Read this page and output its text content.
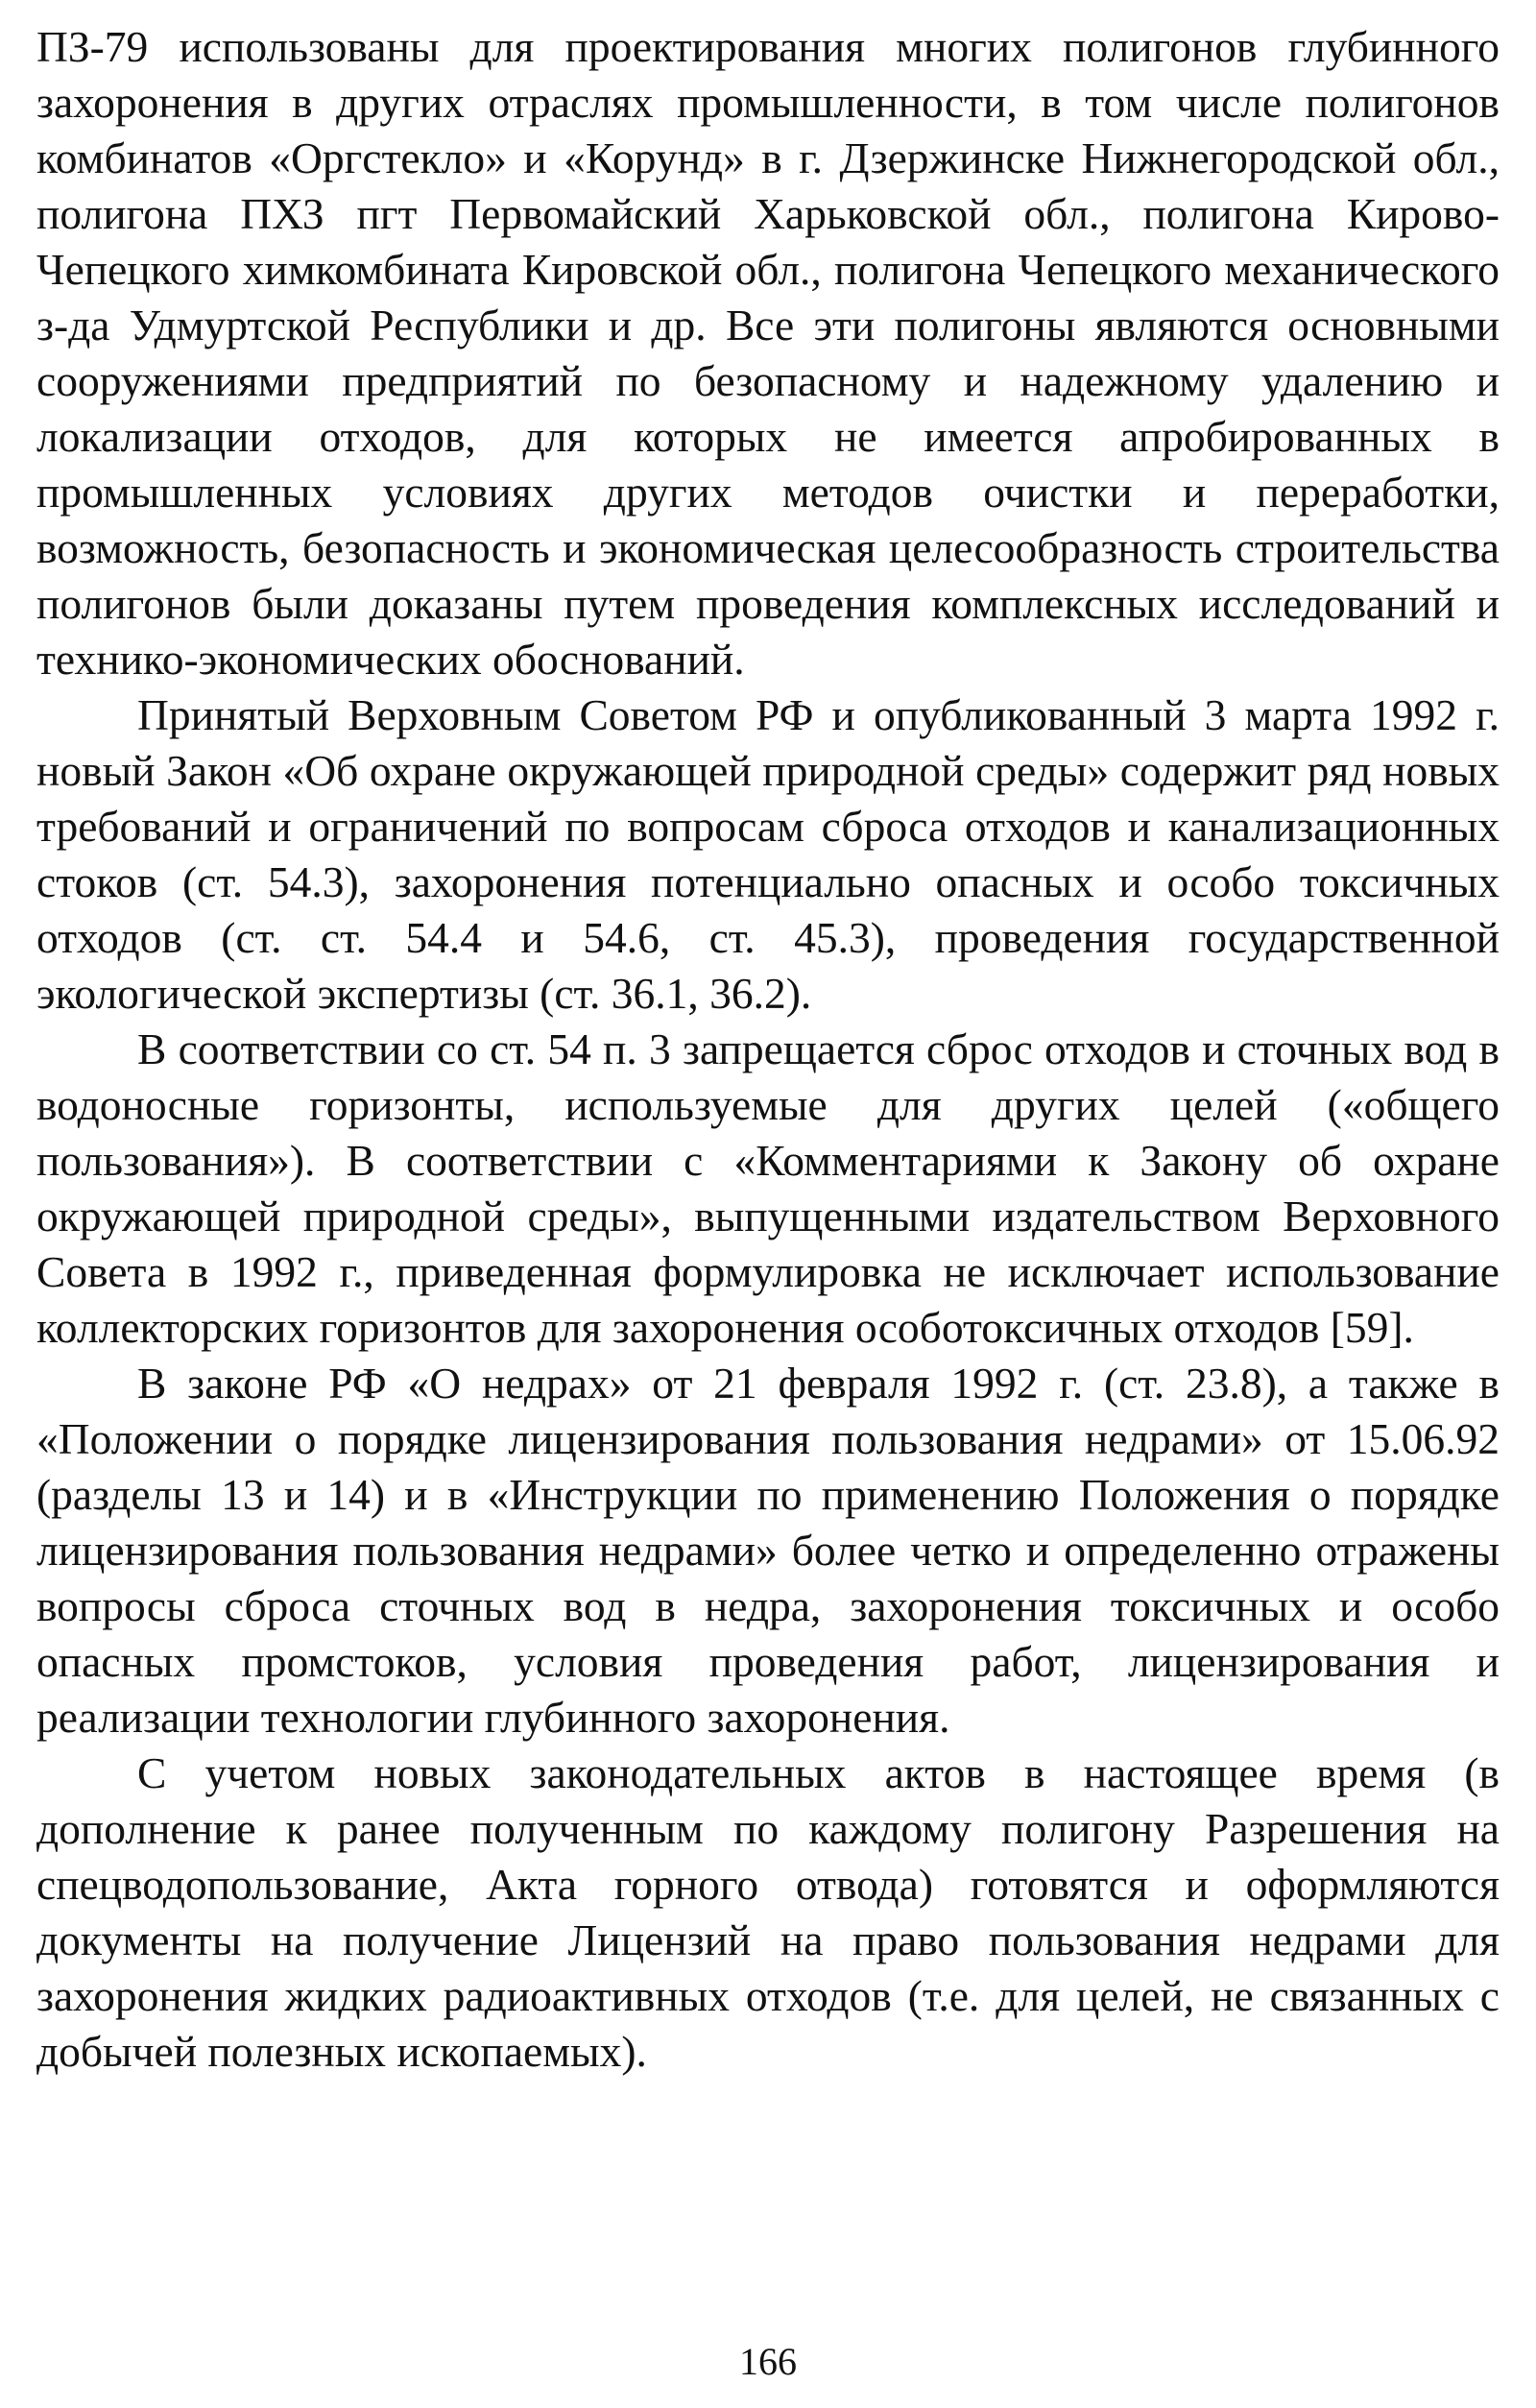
ПЗ-79 использованы для проектирования многих полигонов глубинного захоронения в других отраслях промышленности, в том числе полигонов комбинатов «Оргстекло» и «Корунд» в г. Дзержинске Нижнегородской обл., полигона ПХЗ пгт Первомайский Харьковской обл., полигона Кирово-Чепецкого химкомбината Кировской обл., полигона Чепецкого механического з-да Удмуртской Республики и др. Все эти полигоны являются основными сооружениями предприятий по безопасному и надежному удалению и локализации отходов, для которых не имеется апробированных в промышленных условиях других методов очистки и переработки, возможность, безопасность и экономическая целесообразность строительства полигонов были доказаны путем проведения комплексных исследований и технико-экономических обоснований.

Принятый Верховным Советом РФ и опубликованный 3 марта 1992 г. новый Закон «Об охране окружающей природной среды» содержит ряд новых требований и ограничений по вопросам сброса отходов и канализационных стоков (ст. 54.3), захоронения потенциально опасных и особо токсичных отходов (ст. ст. 54.4 и 54.6, ст. 45.3), проведения государственной экологической экспертизы (ст. 36.1, 36.2).

В соответствии со ст. 54 п. 3 запрещается сброс отходов и сточных вод в водоносные горизонты, используемые для других целей («общего пользования»). В соответствии с «Комментариями к Закону об охране окружающей природной среды», выпущенными издательством Верховного Совета в 1992 г., приведенная формулировка не исключает использование коллекторских горизонтов для захоронения особотоксичных отходов [59].

В законе РФ «О недрах» от 21 февраля 1992 г. (ст. 23.8), а также в «Положении о порядке лицензирования пользования недрами» от 15.06.92 (разделы 13 и 14) и в «Инструкции по применению Положения о порядке лицензирования пользования недрами» более четко и определенно отражены вопросы сброса сточных вод в недра, захоронения токсичных и особо опасных промстоков, условия проведения работ, лицензирования и реализации технологии глубинного захоронения.

С учетом новых законодательных актов в настоящее время (в дополнение к ранее полученным по каждому полигону Разрешения на спецводопользование, Акта горного отвода) готовятся и оформляются документы на получение Лицензий на право пользования недрами для захоронения жидких радиоактивных отходов (т.е. для целей, не связанных с добычей полезных ископаемых).

166
